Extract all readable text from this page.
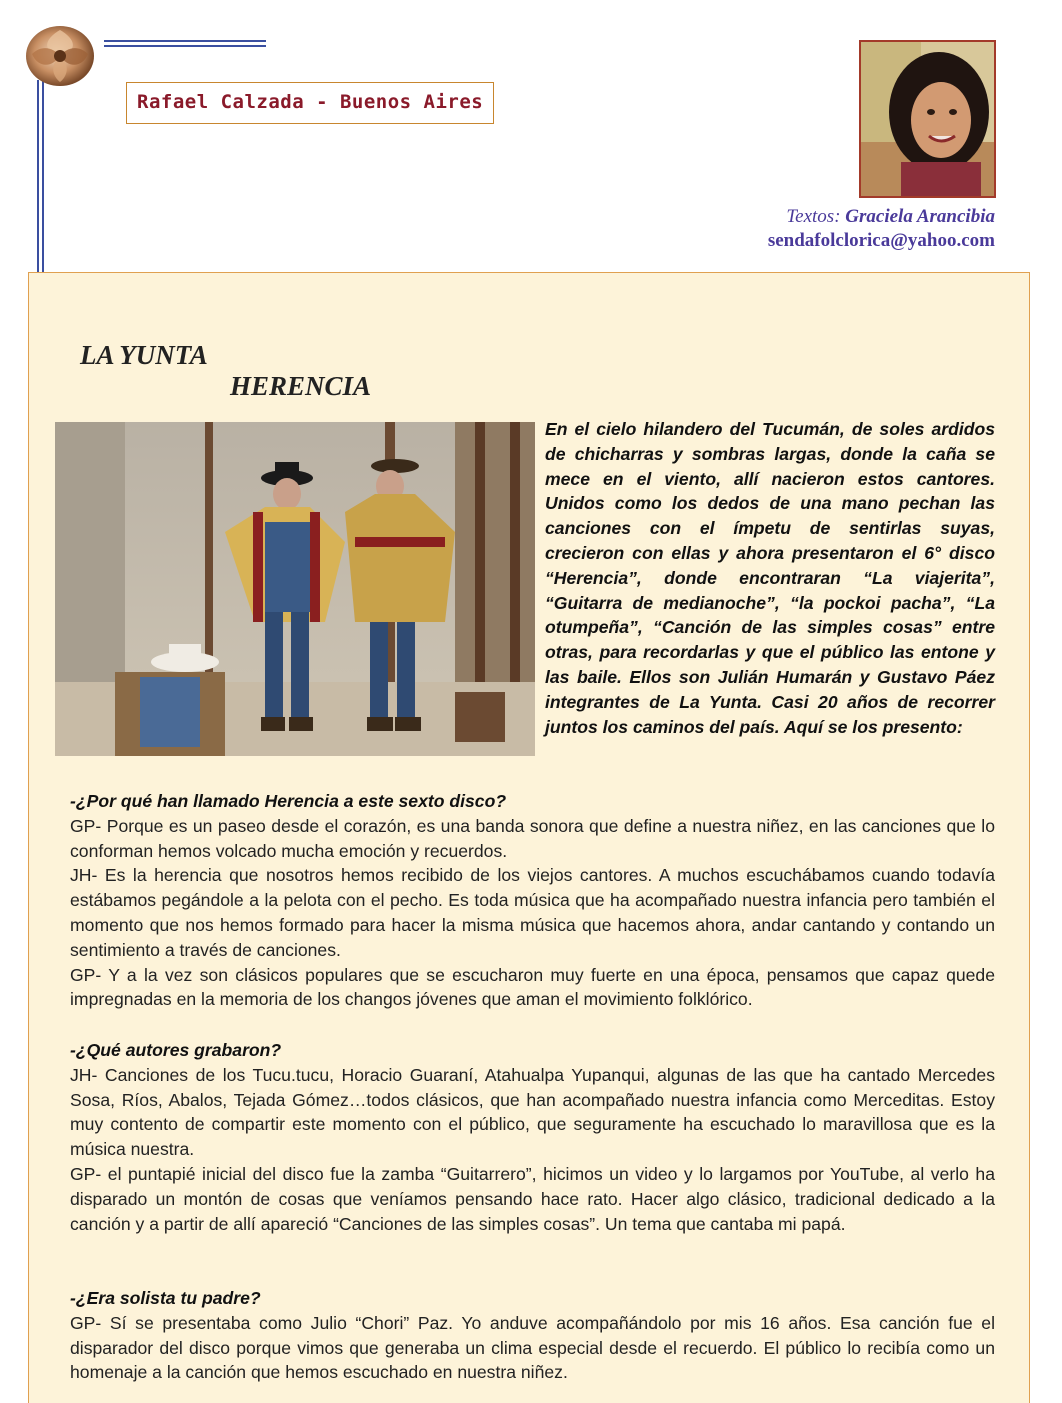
Rafael Calzada - Buenos Aires
Textos: Graciela Arancibia
sendafolclorica@yahoo.com
LA YUNTA
HERENCIA
En el cielo hilandero del Tucumán, de soles ardidos de chicharras y sombras largas, donde la caña se mece en el viento, allí nacieron estos cantores. Unidos como los dedos de una mano pechan las canciones con el ímpetu de sentirlas suyas, crecieron con ellas y ahora presentaron el 6° disco “Herencia”, donde encontraran “La viajerita”, “Guitarra de medianoche”, “la pockoi pacha”, “La otumpeña”, “Canción de las simples cosas” entre otras, para recordarlas y que el público las entone y las baile. Ellos son Julián Humarán y Gustavo Páez integrantes de La Yunta. Casi 20 años de recorrer juntos los caminos del país. Aquí se los presento:

-¿Por qué han llamado Herencia a este sexto disco?

GP- Porque es un paseo desde el corazón, es una banda sonora que define a nuestra niñez, en las canciones que lo conforman hemos volcado mucha emoción y recuerdos.

JH- Es la herencia que nosotros hemos recibido de los viejos cantores. A muchos escuchábamos cuando todavía estábamos pegándole a la pelota con el pecho. Es toda música que ha acompañado nuestra infancia pero también el momento que nos hemos formado para hacer la misma música que hacemos ahora, andar cantando y contando un sentimiento a través de canciones.

GP- Y a la vez son clásicos populares que se escucharon muy fuerte en una época, pensamos que capaz quede impregnadas en la memoria de los changos jóvenes que aman el movimiento folklórico.

-¿Qué autores grabaron?

JH- Canciones de los Tucu.tucu, Horacio Guaraní, Atahualpa Yupanqui, algunas de las que ha cantado Mercedes Sosa, Ríos, Abalos, Tejada Gómez…todos clásicos, que han acompañado nuestra infancia como Merceditas. Estoy muy contento de compartir este momento con el público, que seguramente ha escuchado lo maravillosa que es la música nuestra.

GP- el puntapié inicial del disco fue la zamba “Guitarrero”, hicimos un video y lo largamos por YouTube, al verlo ha disparado un montón de cosas que veníamos pensando hace rato. Hacer algo clásico, tradicional dedicado a la canción y a partir de allí apareció “Canciones de las simples cosas”. Un tema que cantaba mi papá.

-¿Era solista tu padre?

GP- Sí se presentaba como Julio “Chori” Paz. Yo anduve acompañándolo por mis 16 años. Esa canción fue el disparador del disco porque vimos que generaba un clima especial desde el recuerdo. El público lo recibía como un homenaje a la canción que hemos escuchado en nuestra niñez.
